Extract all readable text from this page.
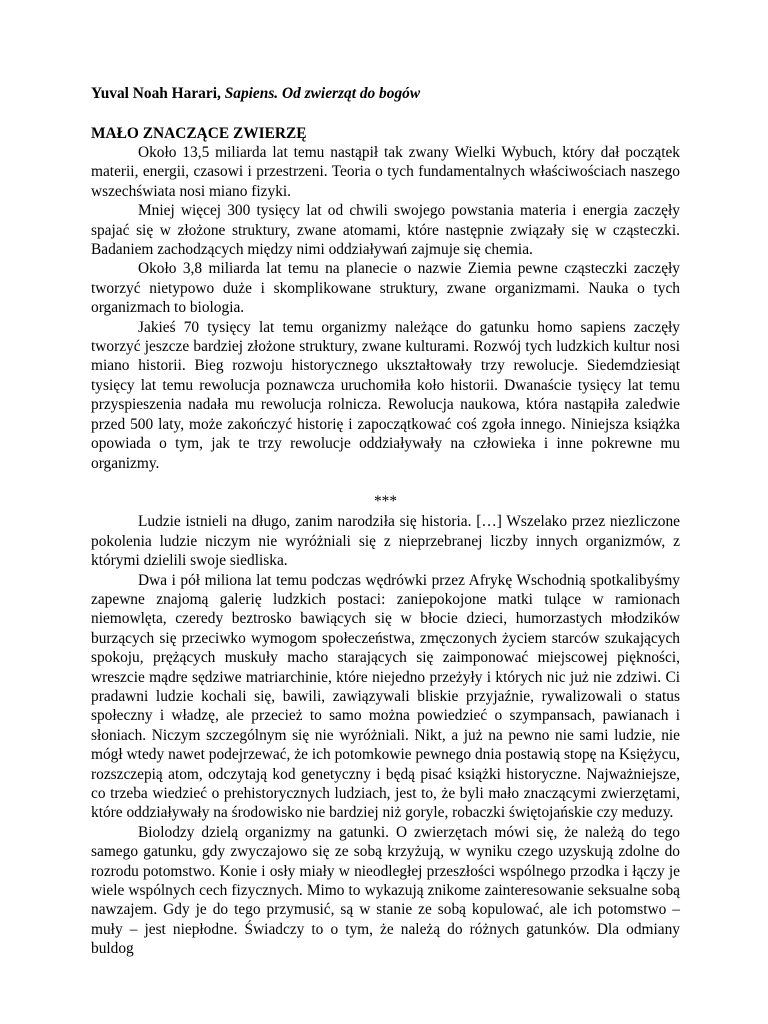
Yuval Noah Harari, Sapiens. Od zwierząt do bogów

MAŁO ZNACZĄCE ZWIERZĘ

Około 13,5 miliarda lat temu nastąpił tak zwany Wielki Wybuch, który dał początek materii, energii, czasowi i przestrzeni. Teoria o tych fundamentalnych właściwościach naszego wszechświata nosi miano fizyki.

Mniej więcej 300 tysięcy lat od chwili swojego powstania materia i energia zaczęły spajać się w złożone struktury, zwane atomami, które następnie związały się w cząsteczki. Badaniem zachodzących między nimi oddziaływań zajmuje się chemia.

Około 3,8 miliarda lat temu na planecie o nazwie Ziemia pewne cząsteczki zaczęły tworzyć nietypowo duże i skomplikowane struktury, zwane organizmami. Nauka o tych organizmach to biologia.

Jakieś 70 tysięcy lat temu organizmy należące do gatunku homo sapiens zaczęły tworzyć jeszcze bardziej złożone struktury, zwane kulturami. Rozwój tych ludzkich kultur nosi miano historii. Bieg rozwoju historycznego ukształtowały trzy rewolucje. Siedemdziesiąt tysięcy lat temu rewolucja poznawcza uruchomiła koło historii. Dwanaście tysięcy lat temu przyspieszenia nadała mu rewolucja rolnicza. Rewolucja naukowa, która nastąpiła zaledwie przed 500 laty, może zakończyć historię i zapoczątkować coś zgoła innego. Niniejsza książka opowiada o tym, jak te trzy rewolucje oddziaływały na człowieka i inne pokrewne mu organizmy.

***

Ludzie istnieli na długo, zanim narodziła się historia. […] Wszelako przez niezliczone pokolenia ludzie niczym nie wyróżniali się z nieprzebranej liczby innych organizmów, z którymi dzielili swoje siedliska.

Dwa i pół miliona lat temu podczas wędrówki przez Afrykę Wschodnią spotkalibyśmy zapewne znajomą galerię ludzkich postaci: zaniepokojone matki tulące w ramionach niemowlęta, czeredy beztrosko bawiących się w błocie dzieci, humorzastych młodzików burzących się przeciwko wymogom społeczeństwa, zmęczonych życiem starców szukających spokoju, prężących muskuły macho starających się zaimponować miejscowej piękności, wreszcie mądre sędziwe matriarchinie, które niejedno przeżyły i których nic już nie zdziwi. Ci pradawni ludzie kochali się, bawili, zawiązywali bliskie przyjaźnie, rywalizowali o status społeczny i władzę, ale przecież to samo można powiedzieć o szympansach, pawianach i słoniach. Niczym szczególnym się nie wyróżniali. Nikt, a już na pewno nie sami ludzie, nie mógł wtedy nawet podejrzewać, że ich potomkowie pewnego dnia postawią stopę na Księżycu, rozszczepią atom, odczytają kod genetyczny i będą pisać książki historyczne. Najważniejsze, co trzeba wiedzieć o prehistorycznych ludziach, jest to, że byli mało znaczącymi zwierzętami, które oddziaływały na środowisko nie bardziej niż goryle, robaczki świętojańskie czy meduzy.

Biolodzy dzielą organizmy na gatunki. O zwierzętach mówi się, że należą do tego samego gatunku, gdy zwyczajowo się ze sobą krzyżują, w wyniku czego uzyskują zdolne do rozrodu potomstwo. Konie i osły miały w nieodległej przeszłości wspólnego przodka i łączy je wiele wspólnych cech fizycznych. Mimo to wykazują znikome zainteresowanie seksualne sobą nawzajem. Gdy je do tego przymusić, są w stanie ze sobą kopulować, ale ich potomstwo – muły – jest niepłodne. Świadczy to o tym, że należą do różnych gatunków. Dla odmiany buldog
